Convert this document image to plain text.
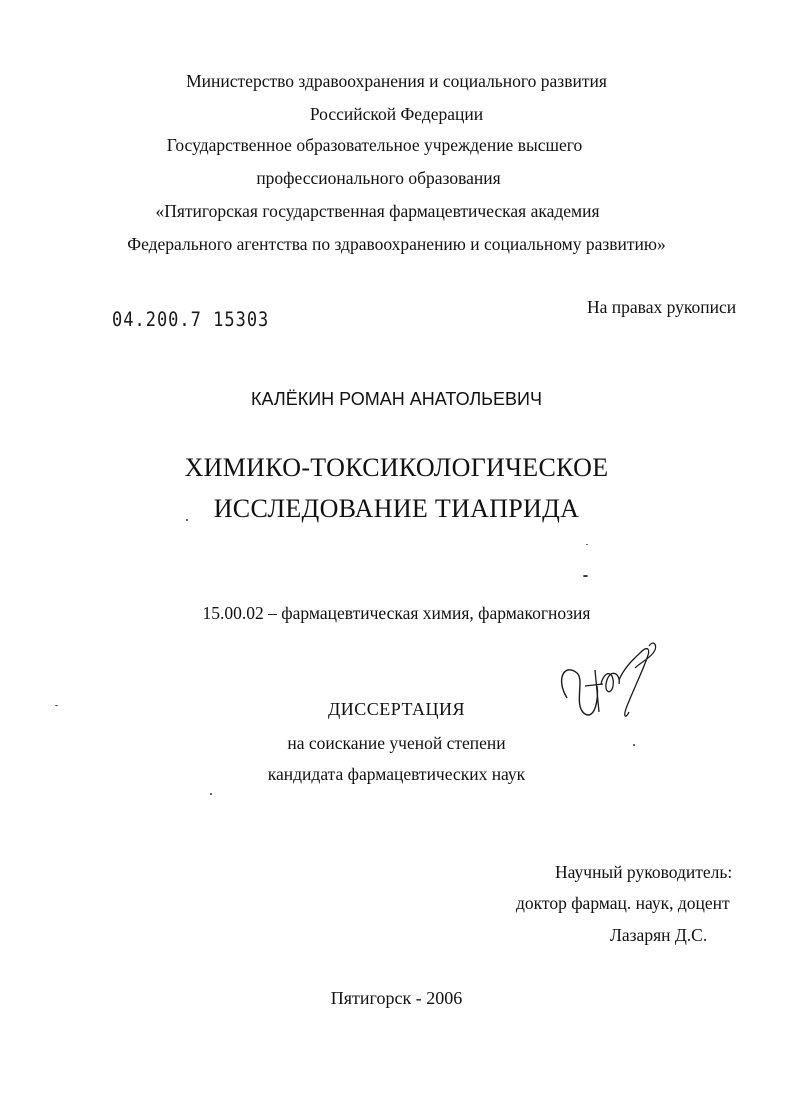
Министерство здравоохранения и социального развития
Российской Федерации
Государственное образовательное учреждение высшего
профессионального образования
«Пятигорская государственная фармацевтическая академия
Федерального агентства по здравоохранению и социальному развитию»
На правах рукописи
04.200.7 15303
КАЛЁКИН РОМАН АНАТОЛЬЕВИЧ
ХИМИКО-ТОКСИКОЛОГИЧЕСКОЕ
ИССЛЕДОВАНИЕ ТИАПРИДА
15.00.02 – фармацевтическая химия, фармакогнозия
ДИССЕРТАЦИЯ
на соискание ученой степени
кандидата фармацевтических наук
Научный руководитель:
доктор фармац. наук, доцент
Лазарян Д.С.
Пятигорск - 2006
